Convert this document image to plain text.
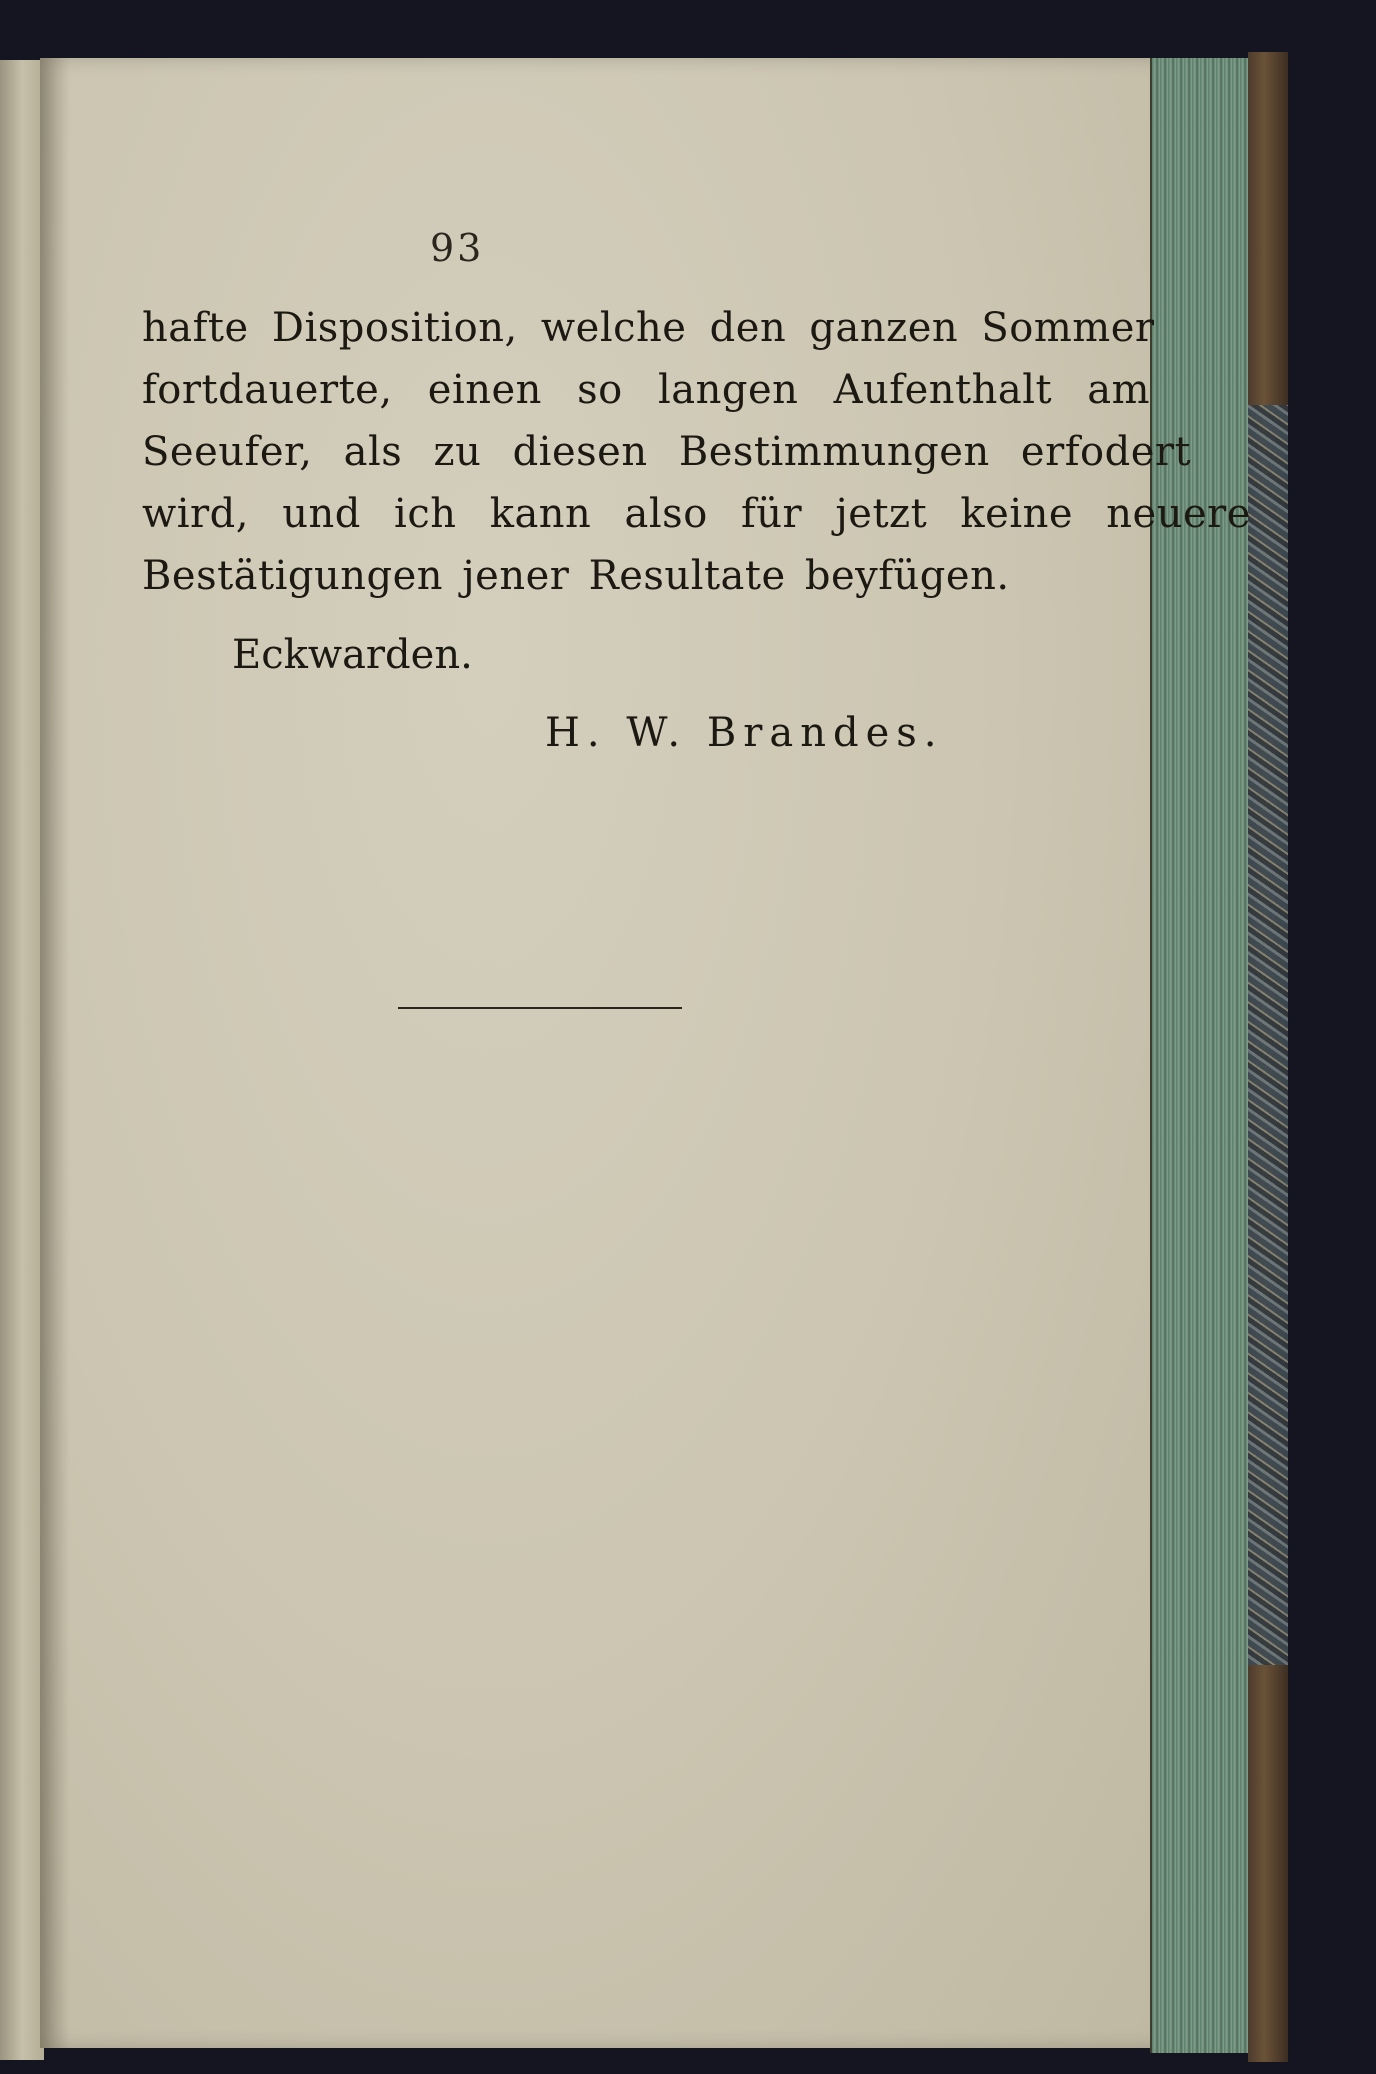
93
hafte Disposition, welche den ganzen Sommer
fortdauerte, einen so langen Aufenthalt am
Seeufer, als zu diesen Bestimmungen erfodert
wird, und ich kann also für jetzt keine neuere
Bestätigungen jener Resultate beyfügen.
Eckwarden.
H. W. Brandes.
